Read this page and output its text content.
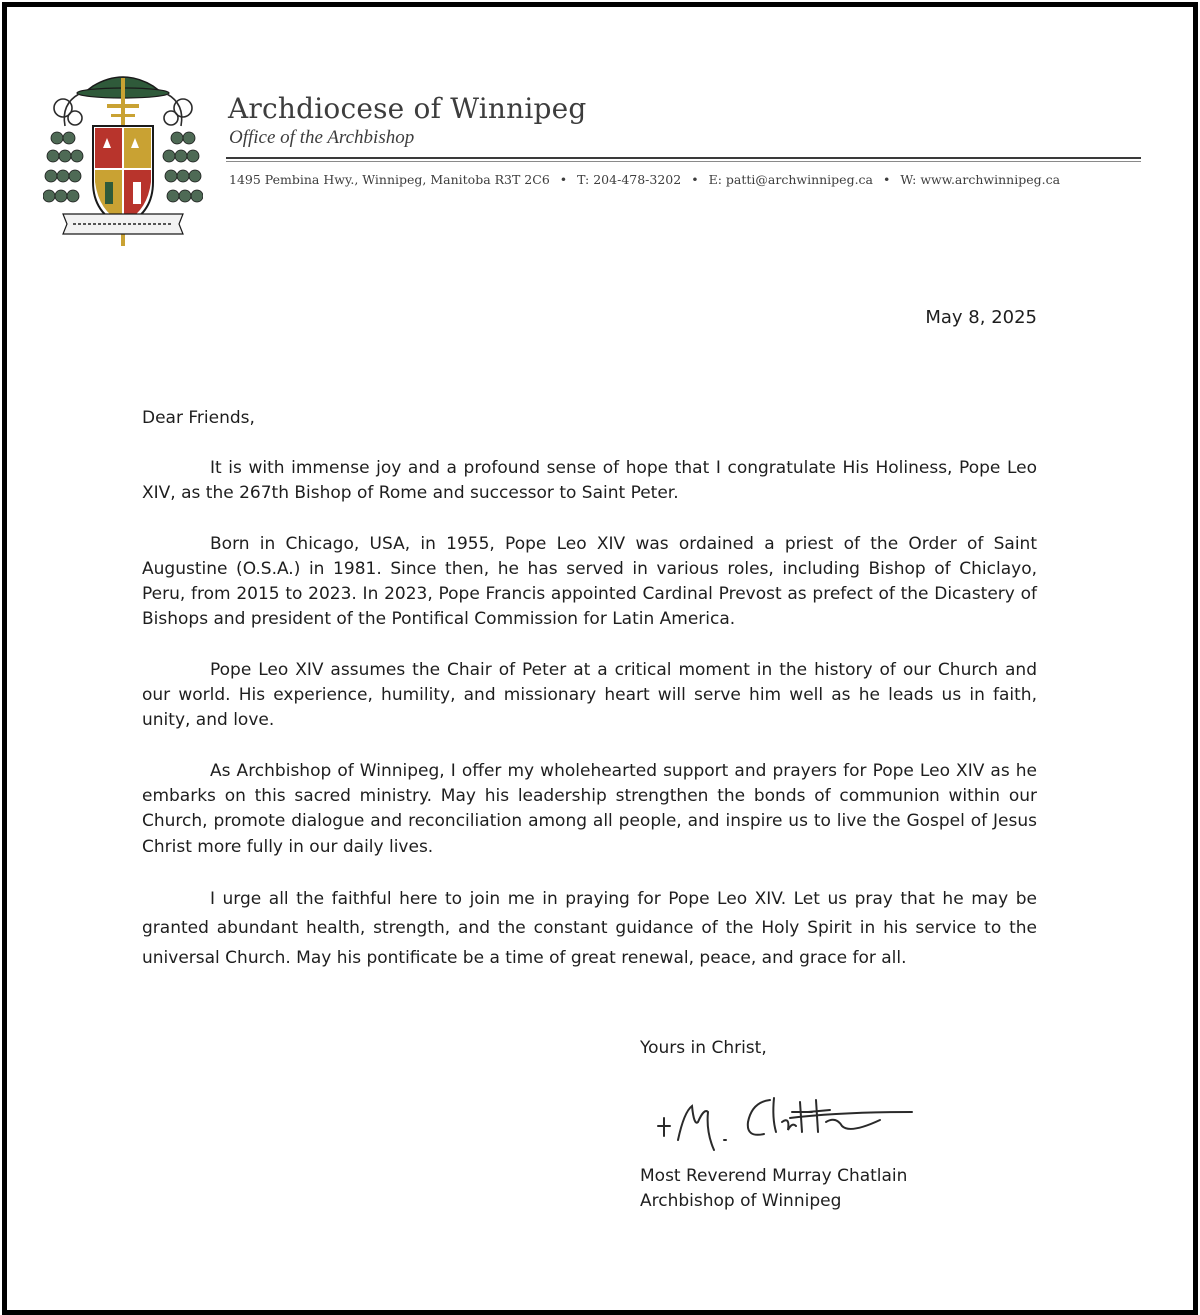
Archdiocese of Winnipeg
Office of the Archbishop
1495 Pembina Hwy., Winnipeg, Manitoba R3T 2C6 • T: 204-478-3202 • E: patti@archwinnipeg.ca • W: www.archwinnipeg.ca
May 8, 2025
Dear Friends,

It is with immense joy and a profound sense of hope that I congratulate His Holiness, Pope Leo XIV, as the 267th Bishop of Rome and successor to Saint Peter.

Born in Chicago, USA, in 1955, Pope Leo XIV was ordained a priest of the Order of Saint Augustine (O.S.A.) in 1981. Since then, he has served in various roles, including Bishop of Chiclayo, Peru, from 2015 to 2023. In 2023, Pope Francis appointed Cardinal Prevost as prefect of the Dicastery of Bishops and president of the Pontifical Commission for Latin America.

Pope Leo XIV assumes the Chair of Peter at a critical moment in the history of our Church and our world. His experience, humility, and missionary heart will serve him well as he leads us in faith, unity, and love.

As Archbishop of Winnipeg, I offer my wholehearted support and prayers for Pope Leo XIV as he embarks on this sacred ministry. May his leadership strengthen the bonds of communion within our Church, promote dialogue and reconciliation among all people, and inspire us to live the Gospel of Jesus Christ more fully in our daily lives.

I urge all the faithful here to join me in praying for Pope Leo XIV. Let us pray that he may be granted abundant health, strength, and the constant guidance of the Holy Spirit in his service to the universal Church. May his pontificate be a time of great renewal, peace, and grace for all.

Yours in Christ,
Most Reverend Murray Chatlain
Archbishop of Winnipeg
